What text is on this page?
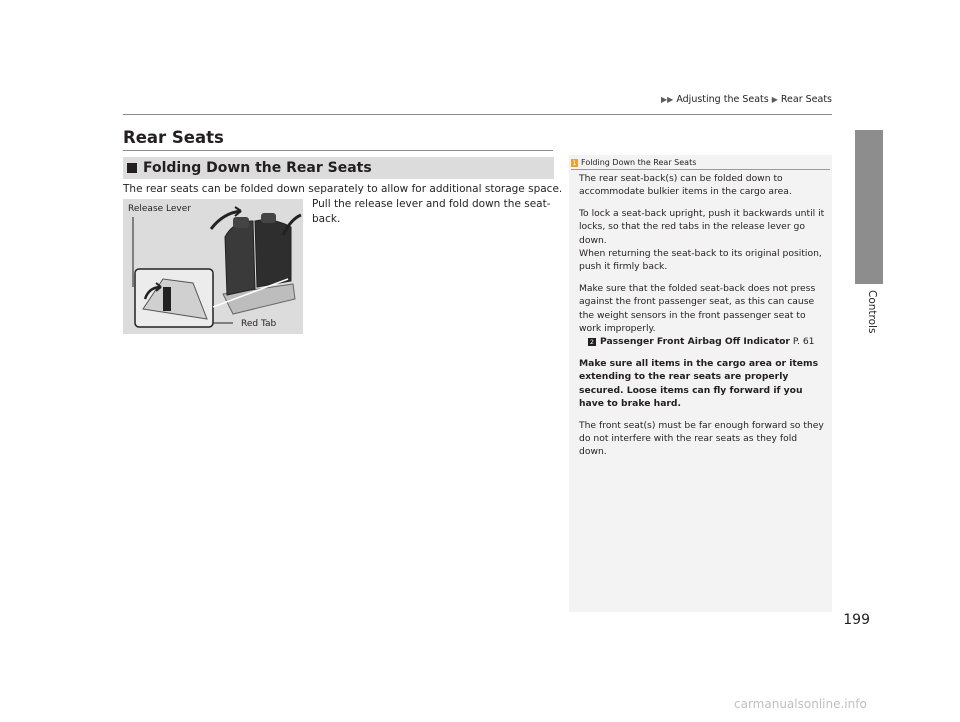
▶▶ Adjusting the Seats ▶ Rear Seats
Controls
Rear Seats
Folding Down the Rear Seats
The rear seats can be folded down separately to allow for additional storage space.
Pull the release lever and fold down the seat-back.
Release Lever
Red Tab
1 Folding Down the Rear Seats

The rear seat-back(s) can be folded down to accommodate bulkier items in the cargo area.

To lock a seat-back upright, push it backwards until it locks, so that the red tabs in the release lever go down.
When returning the seat-back to its original position, push it firmly back.

Make sure that the folded seat-back does not press against the front passenger seat, as this can cause the weight sensors in the front passenger seat to work improperly.
2 Passenger Front Airbag Off Indicator P. 61

Make sure all items in the cargo area or items extending to the rear seats are properly secured. Loose items can fly forward if you have to brake hard.

The front seat(s) must be far enough forward so they do not interfere with the rear seats as they fold down.

199
carmanualsonline.info
